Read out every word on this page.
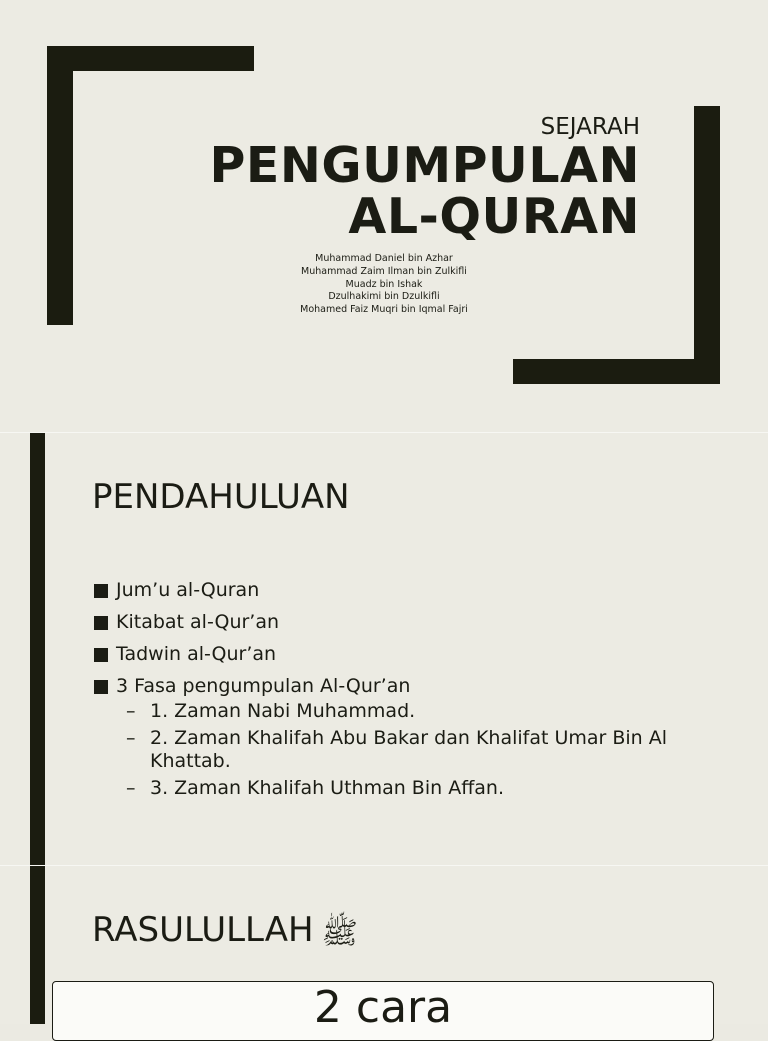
SEJARAH
PENGUMPULAN
AL-QURAN
Muhammad Daniel bin Azhar
Muhammad Zaim Ilman bin Zulkifli
Muadz bin Ishak
Dzulhakimi bin Dzulkifli
Mohamed Faiz Muqri bin Iqmal Fajri
PENDAHULUAN
Jum’u al-Quran
Kitabat al-Qur’an
Tadwin al-Qur’an
3 Fasa pengumpulan Al-Qur’an
– 1. Zaman Nabi Muhammad.
– 2. Zaman Khalifah Abu Bakar dan Khalifat Umar Bin Al Khattab.
– 3. Zaman Khalifah Uthman Bin Affan.
RASULULLAH ﷺ
2 cara
